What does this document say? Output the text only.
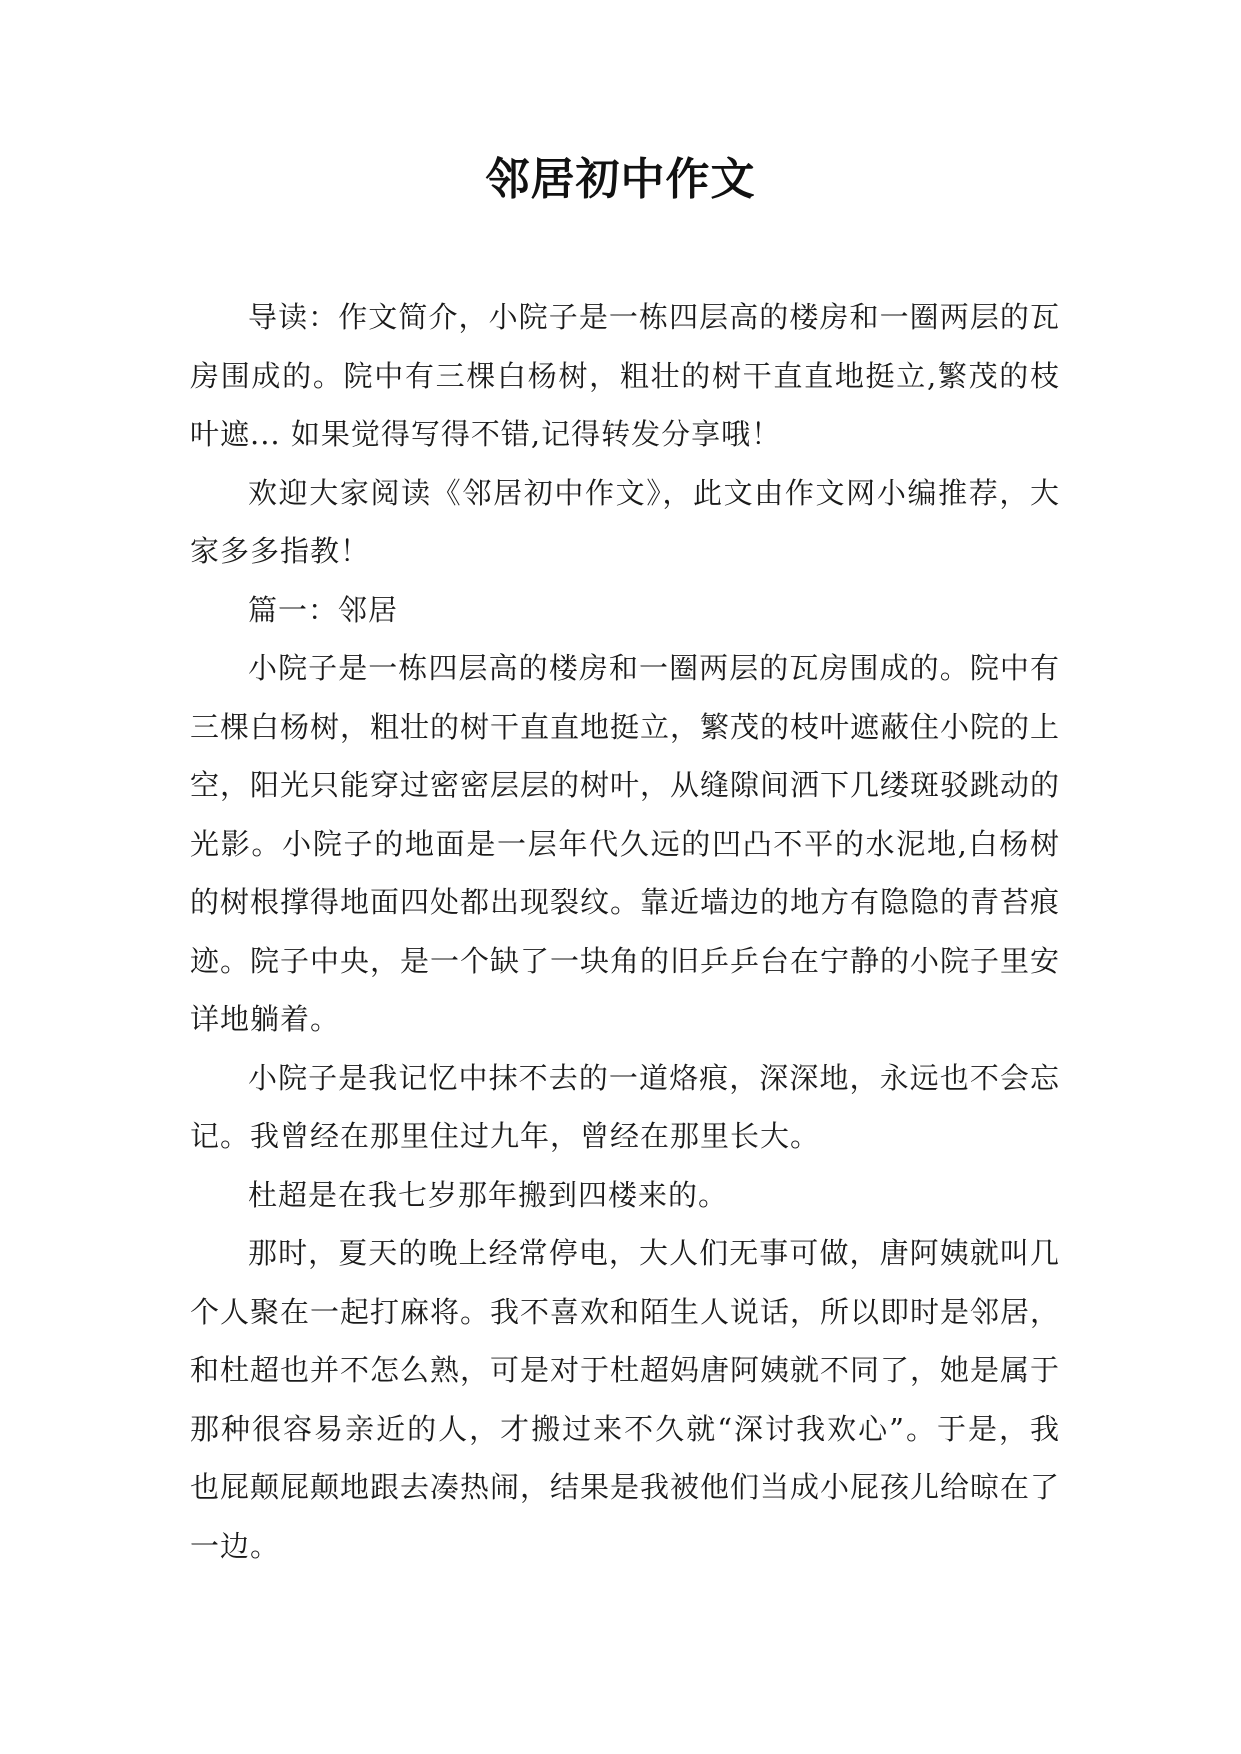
邻居初中作文

导读：作文简介，小院子是一栋四层高的楼房和一圈两层的瓦房围成的。院中有三棵白杨树，粗壮的树干直直地挺立,繁茂的枝叶遮... 如果觉得写得不错,记得转发分享哦！

欢迎大家阅读《邻居初中作文》，此文由作文网小编推荐，大家多多指教！

篇一：邻居

小院子是一栋四层高的楼房和一圈两层的瓦房围成的。院中有三棵白杨树，粗壮的树干直直地挺立，繁茂的枝叶遮蔽住小院的上空，阳光只能穿过密密层层的树叶，从缝隙间洒下几缕斑驳跳动的光影。小院子的地面是一层年代久远的凹凸不平的水泥地,白杨树的树根撑得地面四处都出现裂纹。靠近墙边的地方有隐隐的青苔痕迹。院子中央，是一个缺了一块角的旧乒乒台在宁静的小院子里安详地躺着。

小院子是我记忆中抹不去的一道烙痕，深深地，永远也不会忘记。我曾经在那里住过九年，曾经在那里长大。

杜超是在我七岁那年搬到四楼来的。

那时，夏天的晚上经常停电，大人们无事可做，唐阿姨就叫几个人聚在一起打麻将。我不喜欢和陌生人说话，所以即时是邻居，和杜超也并不怎么熟，可是对于杜超妈唐阿姨就不同了，她是属于那种很容易亲近的人，才搬过来不久就“深讨我欢心”。于是，我也屁颠屁颠地跟去凑热闹，结果是我被他们当成小屁孩儿给晾在了一边。
